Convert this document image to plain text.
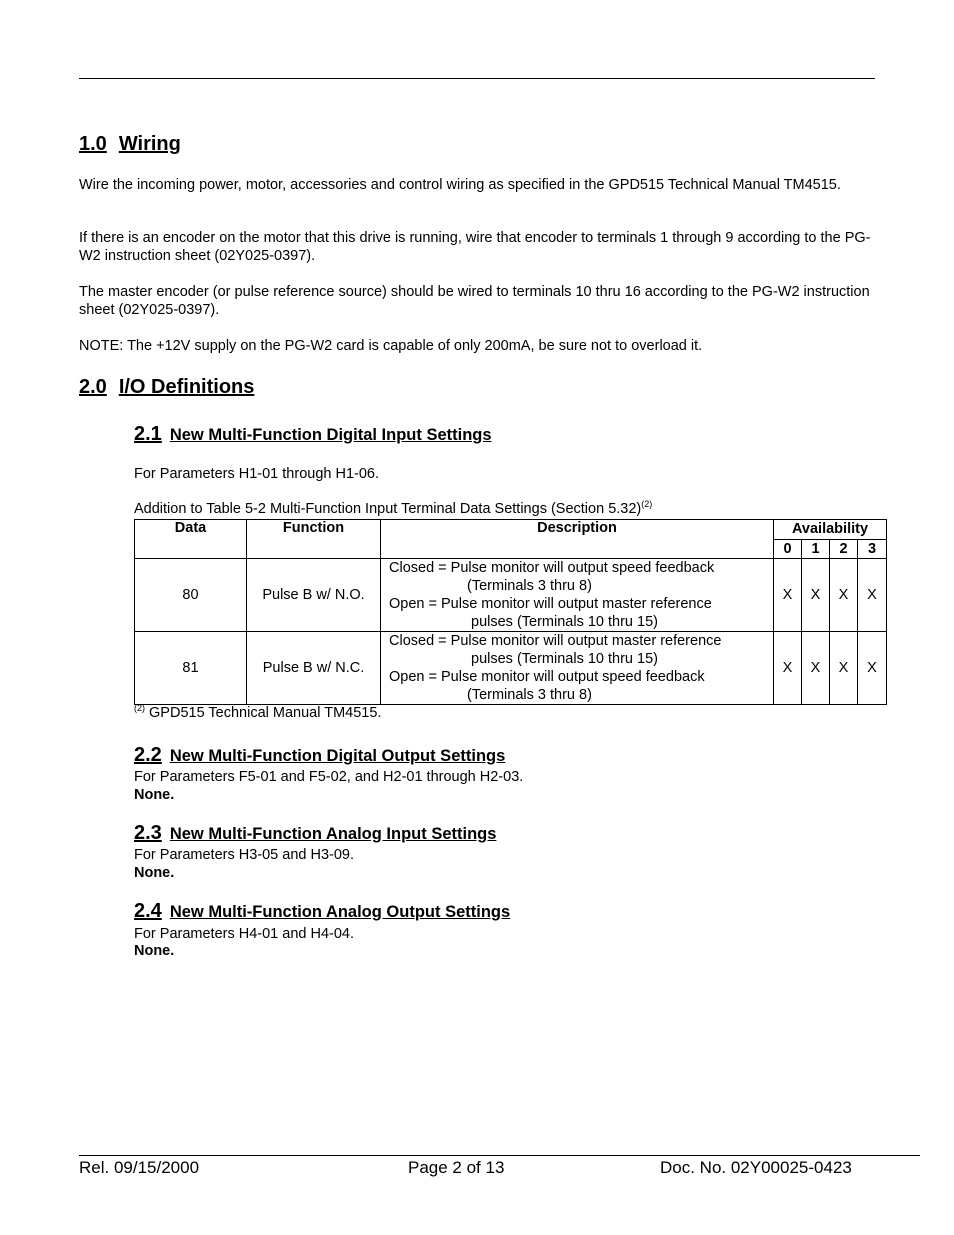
1.0 Wiring
Wire the incoming power, motor, accessories and control wiring as specified in the GPD515 Technical Manual TM4515.
If there is an encoder on the motor that this drive is running, wire that encoder to terminals 1 through 9 according to the PG-W2 instruction sheet (02Y025-0397).
The master encoder (or pulse reference source) should be wired to terminals 10 thru 16 according to the PG-W2 instruction sheet (02Y025-0397).
NOTE: The +12V supply on the PG-W2 card is capable of only 200mA, be sure not to overload it.
2.0 I/O Definitions
2.1 New Multi-Function Digital Input Settings
For Parameters H1-01 through H1-06.
Addition to Table 5-2 Multi-Function Input Terminal Data Settings (Section 5.32)$^{(2)}$
Data	Function	Description	Availability			
			0	1	2	3
80	Pulse B w/ N.O.	Closed = Pulse monitor will output speed feedback
(Terminals 3 thru 8)
Open = Pulse monitor will output master reference
pulses (Terminals 10 thru 15)	X	X	X	X
81	Pulse B w/ N.C.	Closed = Pulse monitor will output master reference
pulses (Terminals 10 thru 15)
Open = Pulse monitor will output speed feedback
(Terminals 3 thru 8)	X	X	X	X
$^{(2)}$ GPD515 Technical Manual TM4515.
2.2 New Multi-Function Digital Output Settings
For Parameters F5-01 and F5-02, and H2-01 through H2-03.
None.
2.3 New Multi-Function Analog Input Settings
For Parameters H3-05 and H3-09.
None.
2.4 New Multi-Function Analog Output Settings
For Parameters H4-01 and H4-04.
None.
Rel. 09/15/2000	Page 2 of 13	Doc. No. 02Y00025-0423
